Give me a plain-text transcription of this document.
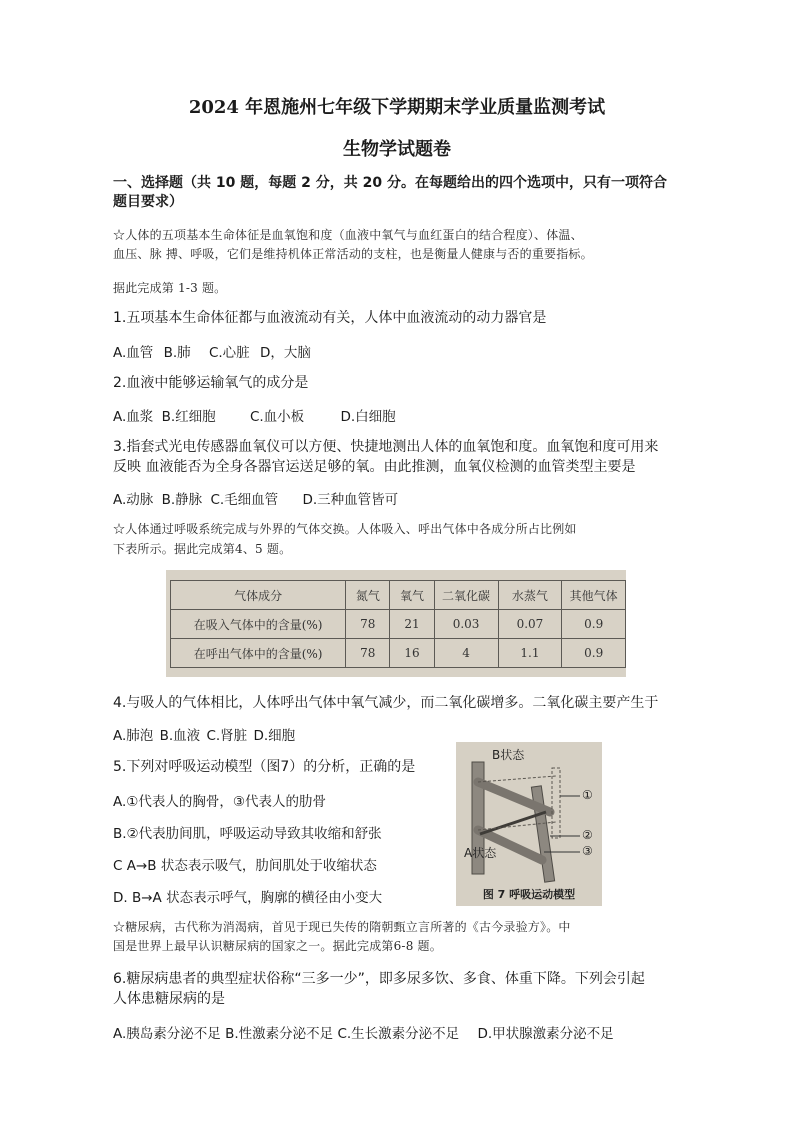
2024 年恩施州七年级下学期期末学业质量监测考试
生物学试题卷
一、选择题（共 10 题，每题 2 分，共 20 分。在每题给出的四个选项中，只有一项符合
题目要求）
☆人体的五项基本生命体征是血氧饱和度（血液中氧气与血红蛋白的结合程度）、体温、
血压、脉 搏、呼吸，它们是维持机体正常活动的支柱，也是衡量人健康与否的重要指标。
据此完成第 1-3 题。
1.五项基本生命体征都与血液流动有关，人体中血液流动的动力器官是
A.血管 B.肺 C.心脏 D，大脑
2.血液中能够运输氧气的成分是
A.血浆 B.红细胞	C.血小板	D.白细胞
3.指套式光电传感器血氧仪可以方便、快捷地测出人体的血氧饱和度。血氧饱和度可用来
反映 血液能否为全身各器官运送足够的氧。由此推测，血氧仪检测的血管类型主要是
A.动脉 B.静脉 C.毛细血管 D.三种血管皆可
☆人体通过呼吸系统完成与外界的气体交换。人体吸入、呼出气体中各成分所占比例如
下表所示。据此完成第4、5 题。
气体成分	氮气	氧气	二氧化碳	水蒸气	其他气体
在吸入气体中的含量(%)	78	21	0.03	0.07	0.9
在呼出气体中的含量(%)	78	16	4	1.1	0.9
4.与吸人的气体相比，人体呼出气体中氧气减少，而二氧化碳增多。二氧化碳主要产生于
A.肺泡 B.血液 C.肾脏 D.细胞
5.下列对呼吸运动模型（图7）的分析，正确的是
A.①代表人的胸骨，③代表人的肋骨
B.②代表肋间肌，呼吸运动导致其收缩和舒张
C A→B 状态表示吸气，肋间肌处于收缩状态
D. B→A 状态表示呼气，胸廓的横径由小变大
B状态
A状态
①
②
③
图 7 呼吸运动模型
☆糖尿病，古代称为消渴病，首见于现已失传的隋朝甄立言所著的《古今录验方》。中
国是世界上最早认识糖尿病的国家之一。据此完成第6-8 题。
6.糖尿病患者的典型症状俗称“三多一少”，即多尿多饮、多食、体重下降。下列会引起
人体患糖尿病的是
A.胰岛素分泌不足 B.性激素分泌不足 C.生长激素分泌不足 D.甲状腺激素分泌不足
